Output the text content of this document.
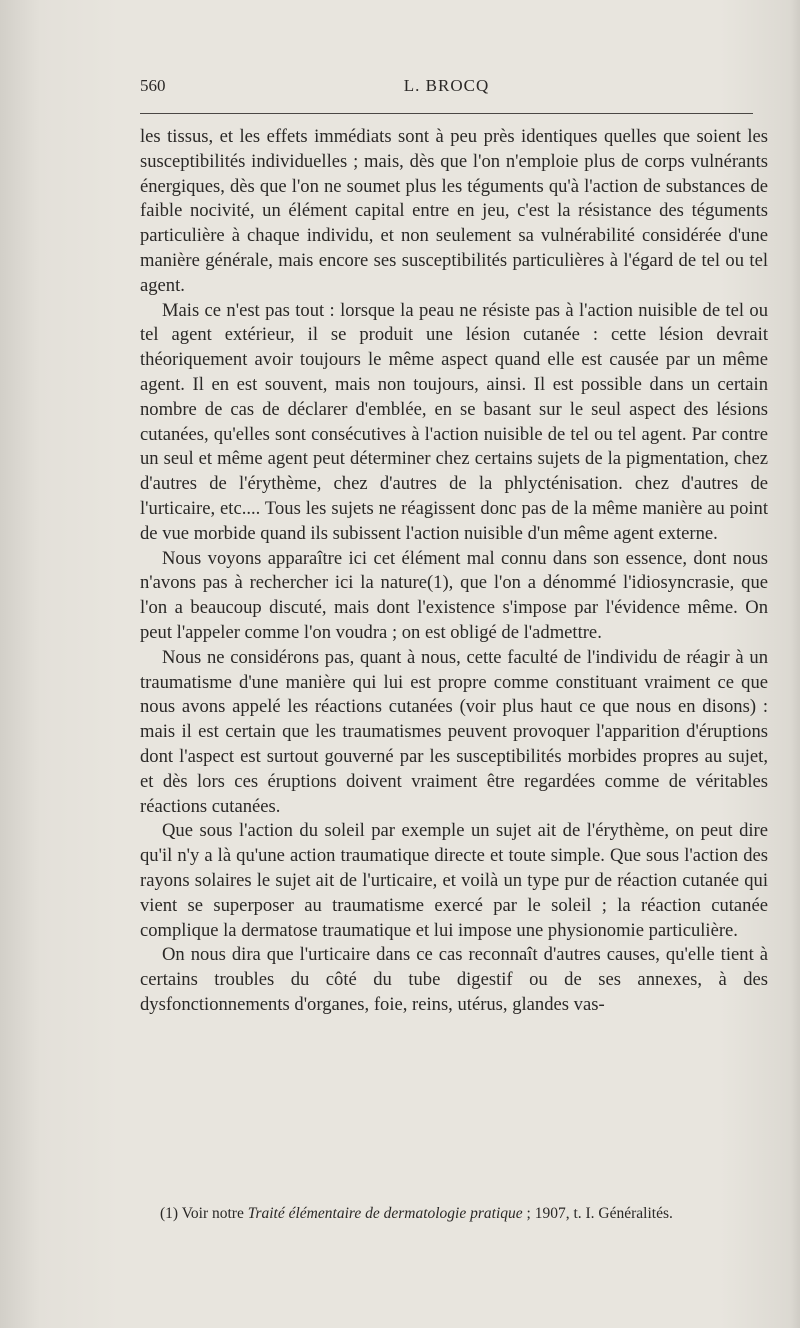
560	L. BROCQ

les tissus, et les effets immédiats sont à peu près identiques quelles que soient les susceptibilités individuelles ; mais, dès que l'on n'emploie plus de corps vulnérants énergiques, dès que l'on ne soumet plus les téguments qu'à l'action de substances de faible nocivité, un élément capital entre en jeu, c'est la résistance des téguments particulière à chaque individu, et non seulement sa vulnérabilité considérée d'une manière générale, mais encore ses susceptibilités particulières à l'égard de tel ou tel agent.

Mais ce n'est pas tout : lorsque la peau ne résiste pas à l'action nuisible de tel ou tel agent extérieur, il se produit une lésion cutanée : cette lésion devrait théoriquement avoir toujours le même aspect quand elle est causée par un même agent. Il en est souvent, mais non toujours, ainsi. Il est possible dans un certain nombre de cas de déclarer d'emblée, en se basant sur le seul aspect des lésions cutanées, qu'elles sont consécutives à l'action nuisible de tel ou tel agent. Par contre un seul et même agent peut déterminer chez certains sujets de la pigmentation, chez d'autres de l'érythème, chez d'autres de la phlycténisation. chez d'autres de l'urticaire, etc.... Tous les sujets ne réagissent donc pas de la même manière au point de vue morbide quand ils subissent l'action nuisible d'un même agent externe.

Nous voyons apparaître ici cet élément mal connu dans son essence, dont nous n'avons pas à rechercher ici la nature(1), que l'on a dénommé l'idiosyncrasie, que l'on a beaucoup discuté, mais dont l'existence s'impose par l'évidence même. On peut l'appeler comme l'on voudra ; on est obligé de l'admettre.

Nous ne considérons pas, quant à nous, cette faculté de l'individu de réagir à un traumatisme d'une manière qui lui est propre comme constituant vraiment ce que nous avons appelé les réactions cutanées (voir plus haut ce que nous en disons) : mais il est certain que les traumatismes peuvent provoquer l'apparition d'éruptions dont l'aspect est surtout gouverné par les susceptibilités morbides propres au sujet, et dès lors ces éruptions doivent vraiment être regardées comme de véritables réactions cutanées.

Que sous l'action du soleil par exemple un sujet ait de l'érythème, on peut dire qu'il n'y a là qu'une action traumatique directe et toute simple. Que sous l'action des rayons solaires le sujet ait de l'urticaire, et voilà un type pur de réaction cutanée qui vient se superposer au traumatisme exercé par le soleil ; la réaction cutanée complique la dermatose traumatique et lui impose une physionomie particulière.

On nous dira que l'urticaire dans ce cas reconnaît d'autres causes, qu'elle tient à certains troubles du côté du tube digestif ou de ses annexes, à des dysfonctionnements d'organes, foie, reins, utérus, glandes vas-

(1) Voir notre Traité élémentaire de dermatologie pratique ; 1907, t. I. Généralités.
